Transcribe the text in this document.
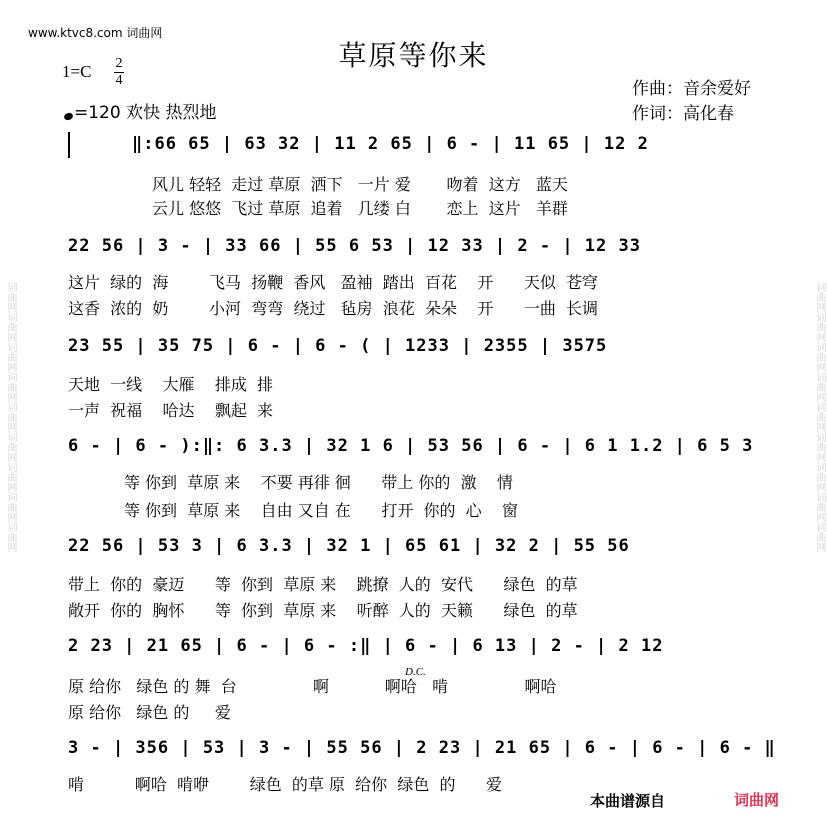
词曲网词曲网词曲网词曲网词曲网词曲网词曲网词曲网词曲网	词曲网词曲网词曲网词曲网词曲网词曲网词曲网词曲网词曲网
www.ktvc8.com 词曲网
草原等你来
1=C 2
4	作曲：音余爱好
作词：高化春
=120 欢快 热烈地
‖:66 65 | 63 32 | 11 2 65 | 6 - | 11 65 | 12 2
风儿 轻轻  走过 草原  洒下   一片 爱       吻着  这方   蓝天
云儿 悠悠  飞过 草原  追着   几缕 白       恋上  这片   羊群
22 56 | 3 - | 33 66 | 55 6 53 | 12 33 | 2 - | 12 33
这片  绿的  海        飞马  扬鞭  香风   盈袖  踏出  百花    开      天似  苍穹
这香  浓的  奶        小河  弯弯  绕过   毡房  浪花  朵朵    开      一曲  长调
23 55 | 35 75 | 6 - | 6 - ( | 1233 | 2355 | 3575
天地  一线    大雁    排成  排
一声  祝福    哈达    飘起  来
6 - | 6 - ):‖: 6 3.3 | 32 1 6 | 53 56 | 6 - | 6 1 1.2 | 6 5 3
等 你到  草原 来    不要 再徘 徊      带上 你的  激    情
等 你到  草原 来    自由 又自 在      打开  你的  心    窗
22 56 | 53 3 | 6 3.3 | 32 1 | 65 61 | 32 2 | 55 56
带上  你的  豪迈      等  你到  草原 来    跳撩  人的  安代      绿色  的草
敞开  你的  胸怀      等  你到  草原 来    听醉  人的  天籁      绿色  的草
2 23 | 21 65 | 6 - | 6 - :‖ | 6 - | 6 13 | 2 - | 2 12
D.C.
原 给你   绿色 的 舞  台               啊           啊哈   啃               啊哈
原 给你   绿色 的     爱
3 - | 356 | 53 | 3 - | 55 56 | 2 23 | 21 65 | 6 - | 6 - | 6 - ‖
啃          啊哈  啃咿        绿色  的草 原  给你  绿色  的      爱
本曲谱源自	词曲网
